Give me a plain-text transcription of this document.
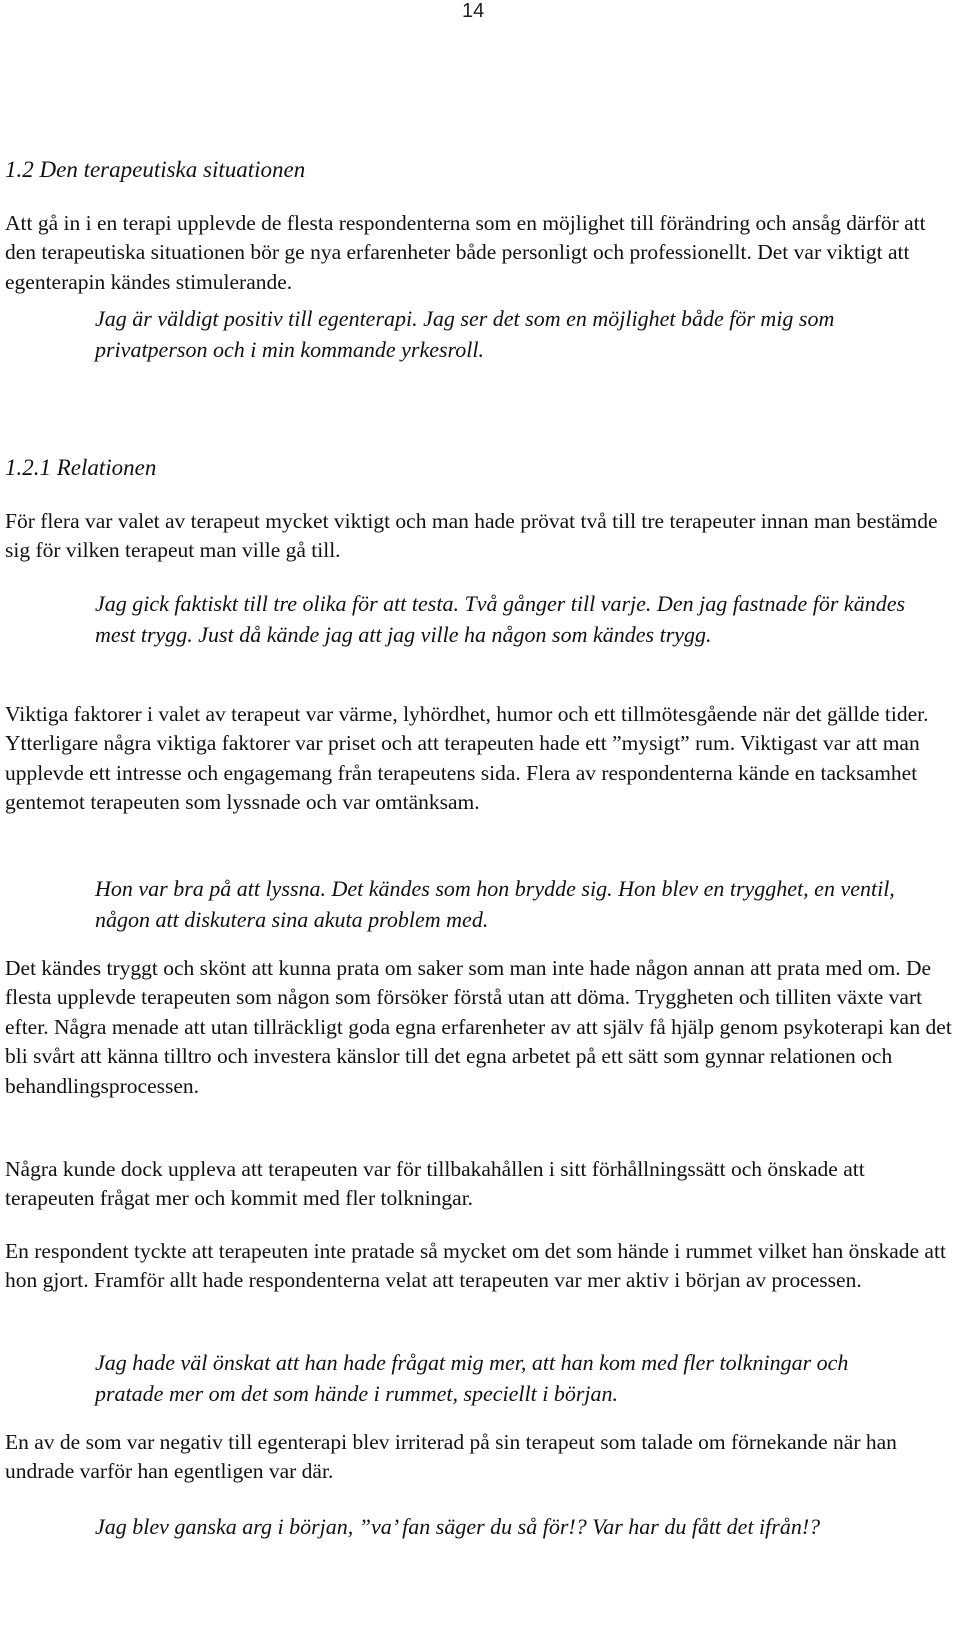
14

1.2 Den terapeutiska situationen

Att gå in i en terapi upplevde de flesta respondenterna som en möjlighet till förändring och ansåg därför att den terapeutiska situationen bör ge nya erfarenheter både personligt och professionellt. Det var viktigt att egenterapin kändes stimulerande.

Jag är väldigt positiv till egenterapi. Jag ser det som en möjlighet både för mig som privatperson och i min kommande yrkesroll.

1.2.1 Relationen

För flera var valet av terapeut mycket viktigt och man hade prövat två till tre terapeuter innan man bestämde sig för vilken terapeut man ville gå till.

Jag gick faktiskt till tre olika för att testa. Två gånger till varje. Den jag fastnade för kändes mest trygg. Just då kände jag att jag ville ha någon som kändes trygg.

Viktiga faktorer i valet av terapeut var värme, lyhördhet, humor och ett tillmötesgående när det gällde tider. Ytterligare några viktiga faktorer var priset och att terapeuten hade ett ”mysigt” rum. Viktigast var att man upplevde ett intresse och engagemang från terapeutens sida. Flera av respondenterna kände en tacksamhet gentemot terapeuten som lyssnade och var omtänksam.

Hon var bra på att lyssna. Det kändes som hon brydde sig. Hon blev en trygghet, en ventil, någon att diskutera sina akuta problem med.

Det kändes tryggt och skönt att kunna prata om saker som man inte hade någon annan att prata med om. De flesta upplevde terapeuten som någon som försöker förstå utan att döma. Tryggheten och tilliten växte vart efter. Några menade att utan tillräckligt goda egna erfarenheter av att själv få hjälp genom psykoterapi kan det bli svårt att känna tilltro och investera känslor till det egna arbetet på ett sätt som gynnar relationen och behandlingsprocessen.

Några kunde dock uppleva att terapeuten var för tillbakahållen i sitt förhållningssätt och önskade att terapeuten frågat mer och kommit med fler tolkningar.

En respondent tyckte att terapeuten inte pratade så mycket om det som hände i rummet vilket han önskade att hon gjort. Framför allt hade respondenterna velat att terapeuten var mer aktiv i början av processen.

Jag hade väl önskat att han hade frågat mig mer, att han kom med fler tolkningar och pratade mer om det som hände i rummet, speciellt i början.

En av de som var negativ till egenterapi blev irriterad på sin terapeut som talade om förnekande när han undrade varför han egentligen var där.

Jag blev ganska arg i början, ”va’ fan säger du så för!? Var har du fått det ifrån!?
